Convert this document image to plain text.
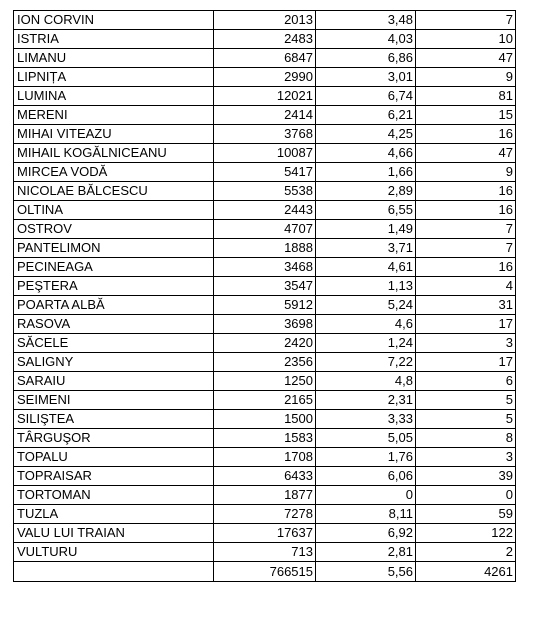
ION CORVIN	2013	3,48	7
ISTRIA	2483	4,03	10
LIMANU	6847	6,86	47
LIPNIȚA	2990	3,01	9
LUMINA	12021	6,74	81
MERENI	2414	6,21	15
MIHAI VITEAZU	3768	4,25	16
MIHAIL KOGĂLNICEANU	10087	4,66	47
MIRCEA VODĂ	5417	1,66	9
NICOLAE BĂLCESCU	5538	2,89	16
OLTINA	2443	6,55	16
OSTROV	4707	1,49	7
PANTELIMON	1888	3,71	7
PECINEAGA	3468	4,61	16
PEŞTERA	3547	1,13	4
POARTA ALBĂ	5912	5,24	31
RASOVA	3698	4,6	17
SĂCELE	2420	1,24	3
SALIGNY	2356	7,22	17
SARAIU	1250	4,8	6
SEIMENI	2165	2,31	5
SILIŞTEA	1500	3,33	5
TÂRGUŞOR	1583	5,05	8
TOPALU	1708	1,76	3
TOPRAISAR	6433	6,06	39
TORTOMAN	1877	0	0
TUZLA	7278	8,11	59
VALU LUI TRAIAN	17637	6,92	122
VULTURU	713	2,81	2
	766515	5,56	4261
